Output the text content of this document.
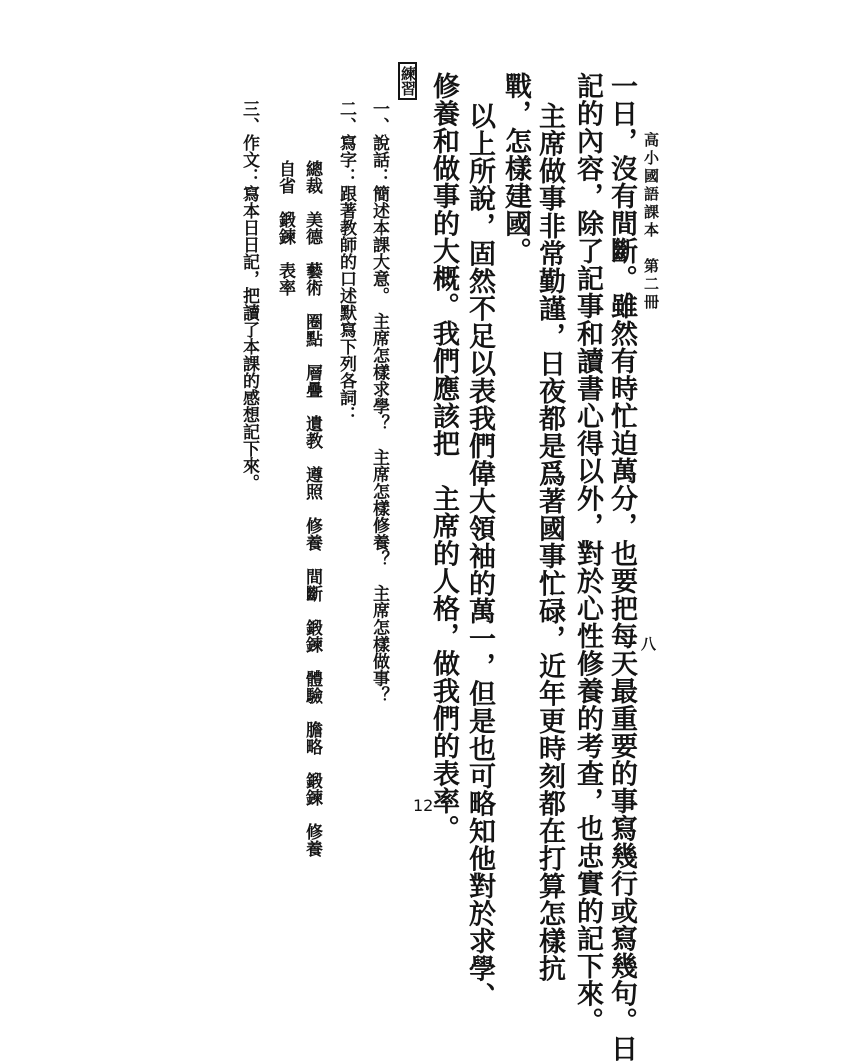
高小國語課本　第二冊
八
一日，沒有間斷。雖然有時忙迫萬分，也要把每天最重要的事寫幾行或寫幾句。日
記的內容，除了記事和讀書心得以外，對於心性修養的考查，也忠實的記下來。
主席做事非常勤謹，日夜都是爲著國事忙碌，近年更時刻都在打算怎樣抗
戰，怎樣建國。
以上所說，固然不足以表我們偉大領袖的萬一，但是也可略知他對於求學、
修養和做事的大概。我們應該把　主席的人格，做我們的表率。
練習
一、說話：簡述本課大意。　主席怎樣求學？　主席怎樣修養？　主席怎樣做事？
二、寫字：跟著教師的口述默寫下列各詞：
總裁　美德　藝術　圈點　層疊　遺教　遵照　修養　間斷　鍛鍊　體驗　膽略　鍛鍊　修養
自省　鍛鍊　表率
三、作文：寫本日日記，把讀了本課的感想記下來。
12
